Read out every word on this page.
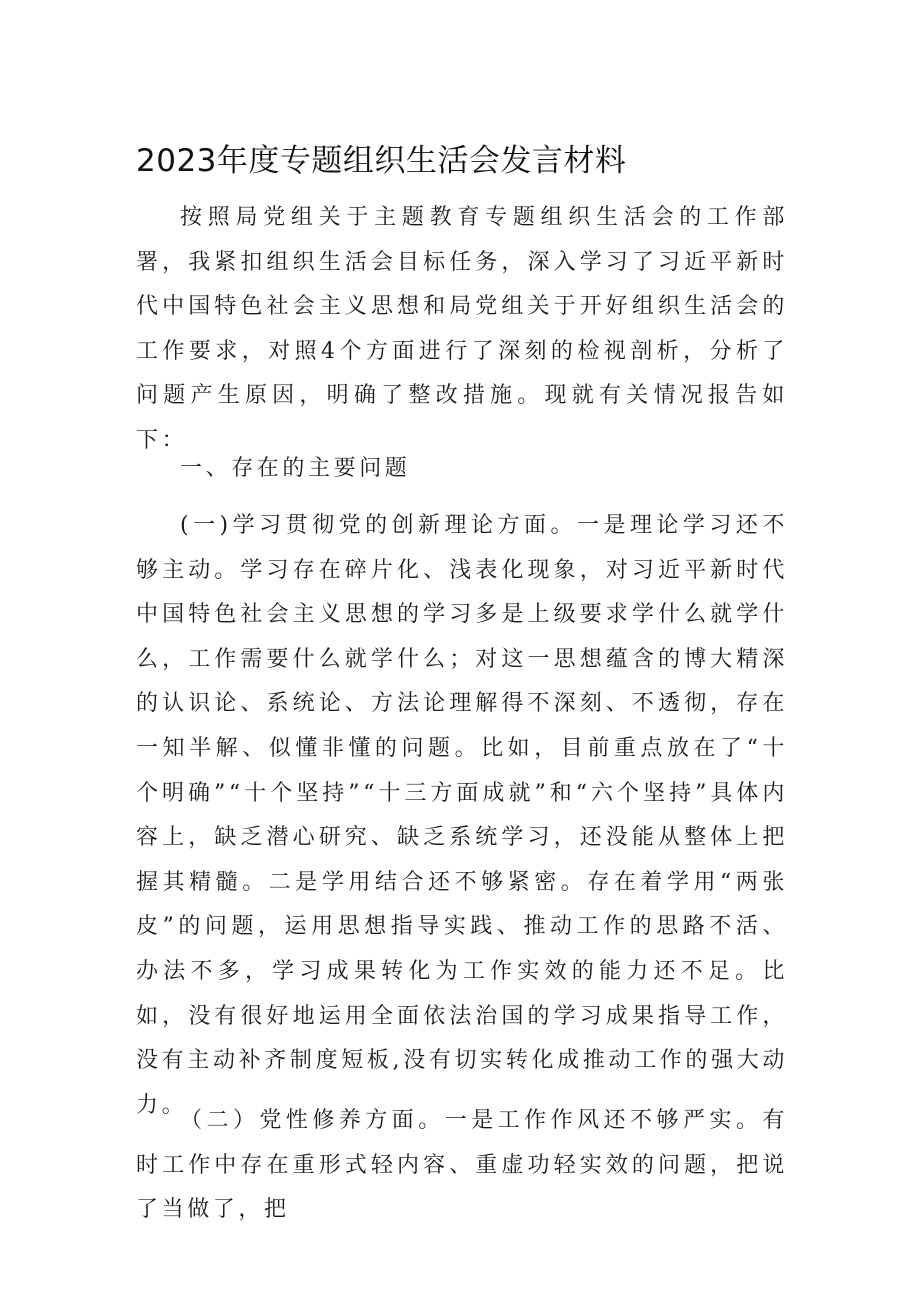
2023年度专题组织生活会发言材料
按照局党组关于主题教育专题组织生活会的工作部署，我紧扣组织生活会目标任务，深入学习了习近平新时代中国特色社会主义思想和局党组关于开好组织生活会的工作要求，对照4个方面进行了深刻的检视剖析，分析了问题产生原因，明确了整改措施。现就有关情况报告如下：
一、存在的主要问题
(一)学习贯彻党的创新理论方面。一是理论学习还不够主动。学习存在碎片化、浅表化现象，对习近平新时代中国特色社会主义思想的学习多是上级要求学什么就学什么，工作需要什么就学什么；对这一思想蕴含的博大精深的认识论、系统论、方法论理解得不深刻、不透彻，存在一知半解、似懂非懂的问题。比如，目前重点放在了“十个明确”“十个坚持”“十三方面成就”和“六个坚持”具体内容上，缺乏潜心研究、缺乏系统学习，还没能从整体上把握其精髓。二是学用结合还不够紧密。存在着学用“两张皮”的问题，运用思想指导实践、推动工作的思路不活、办法不多，学习成果转化为工作实效的能力还不足。比如，没有很好地运用全面依法治国的学习成果指导工作，没有主动补齐制度短板,没有切实转化成推动工作的强大动力。
（二）党性修养方面。一是工作作风还不够严实。有时工作中存在重形式轻内容、重虚功轻实效的问题，把说了当做了，把
